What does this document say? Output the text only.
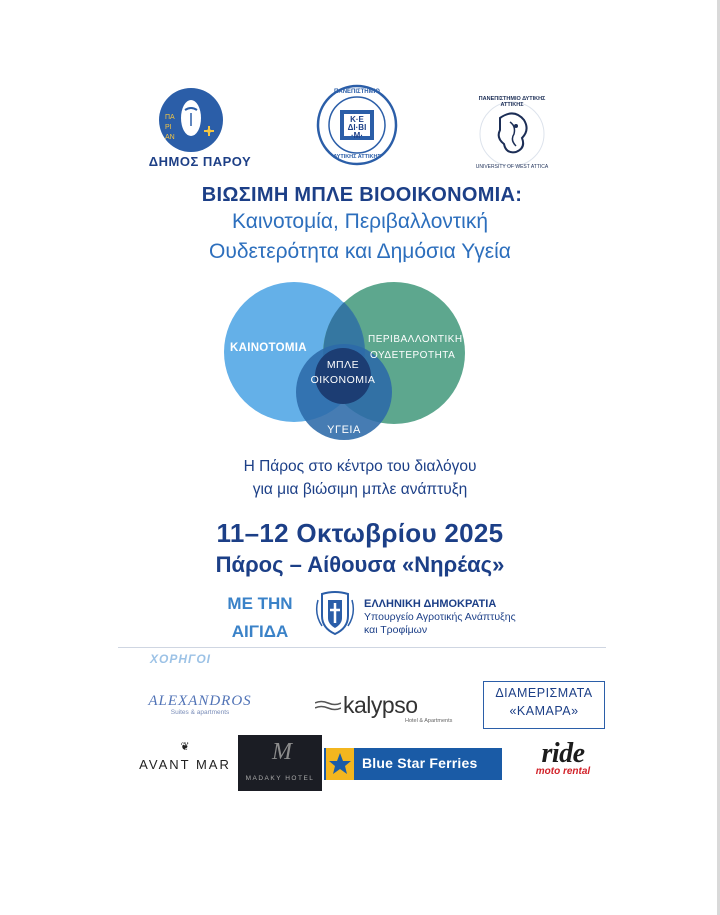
ΠΑ
ΡΙ
ΑΝ
ΔΗΜΟΣ ΠΑΡΟΥ
ΠΑΝΕΠΙΣΤΗΜΙΟ
Κ·Ε
ΔΙ·ΒΙ
·Μ·
ΔΥΤΙΚΗΣ ΑΤΤΙΚΗΣ
ΠΑΝΕΠΙΣΤΗΜΙΟ ΔΥΤΙΚΗΣ ΑΤΤΙΚΗΣ
UNIVERSITY OF WEST ATTICA
ΒΙΩΣΙΜΗ ΜΠΛΕ ΒΙΟΟΙΚΟΝΟΜΙΑ:
Καινοτομία, Περιβαλλοντική
Ουδετερότητα και Δημόσια Υγεία
ΚΑΙΝΟΤΟΜΙΑ
ΠΕΡΙΒΑΛΛΟΝΤΙΚΗ
ΟΥΔΕΤΕΡΟΤΗΤΑ
ΜΠΛΕ
ΟΙΚΟΝΟΜΙΑ
ΥΓΕΙΑ
Η Πάρος στο κέντρο του διαλόγου
για μια βιώσιμη μπλε ανάπτυξη
11–12 Οκτωβρίου 2025
Πάρος – Αίθουσα «Νηρέας»
ΜΕ ΤΗΝ
ΑΙΓΙΔΑ
ΕΛΛΗΝΙΚΗ ΔΗΜΟΚΡΑΤΙΑ
Υπουργείο Αγροτικής Ανάπτυξης
και Τροφίμων
ΧΟΡΗΓΟΙ
ALEXANDROS
Suites & apartments	kalypso
Hotel & Apartments
ΔΙΑΜΕΡΙΣΜΑΤΑ
«ΚΑΜΑΡΑ»
❦
AVANT MAR M
MADAKY HOTEL
Blue Star Ferries	ride
moto rental
